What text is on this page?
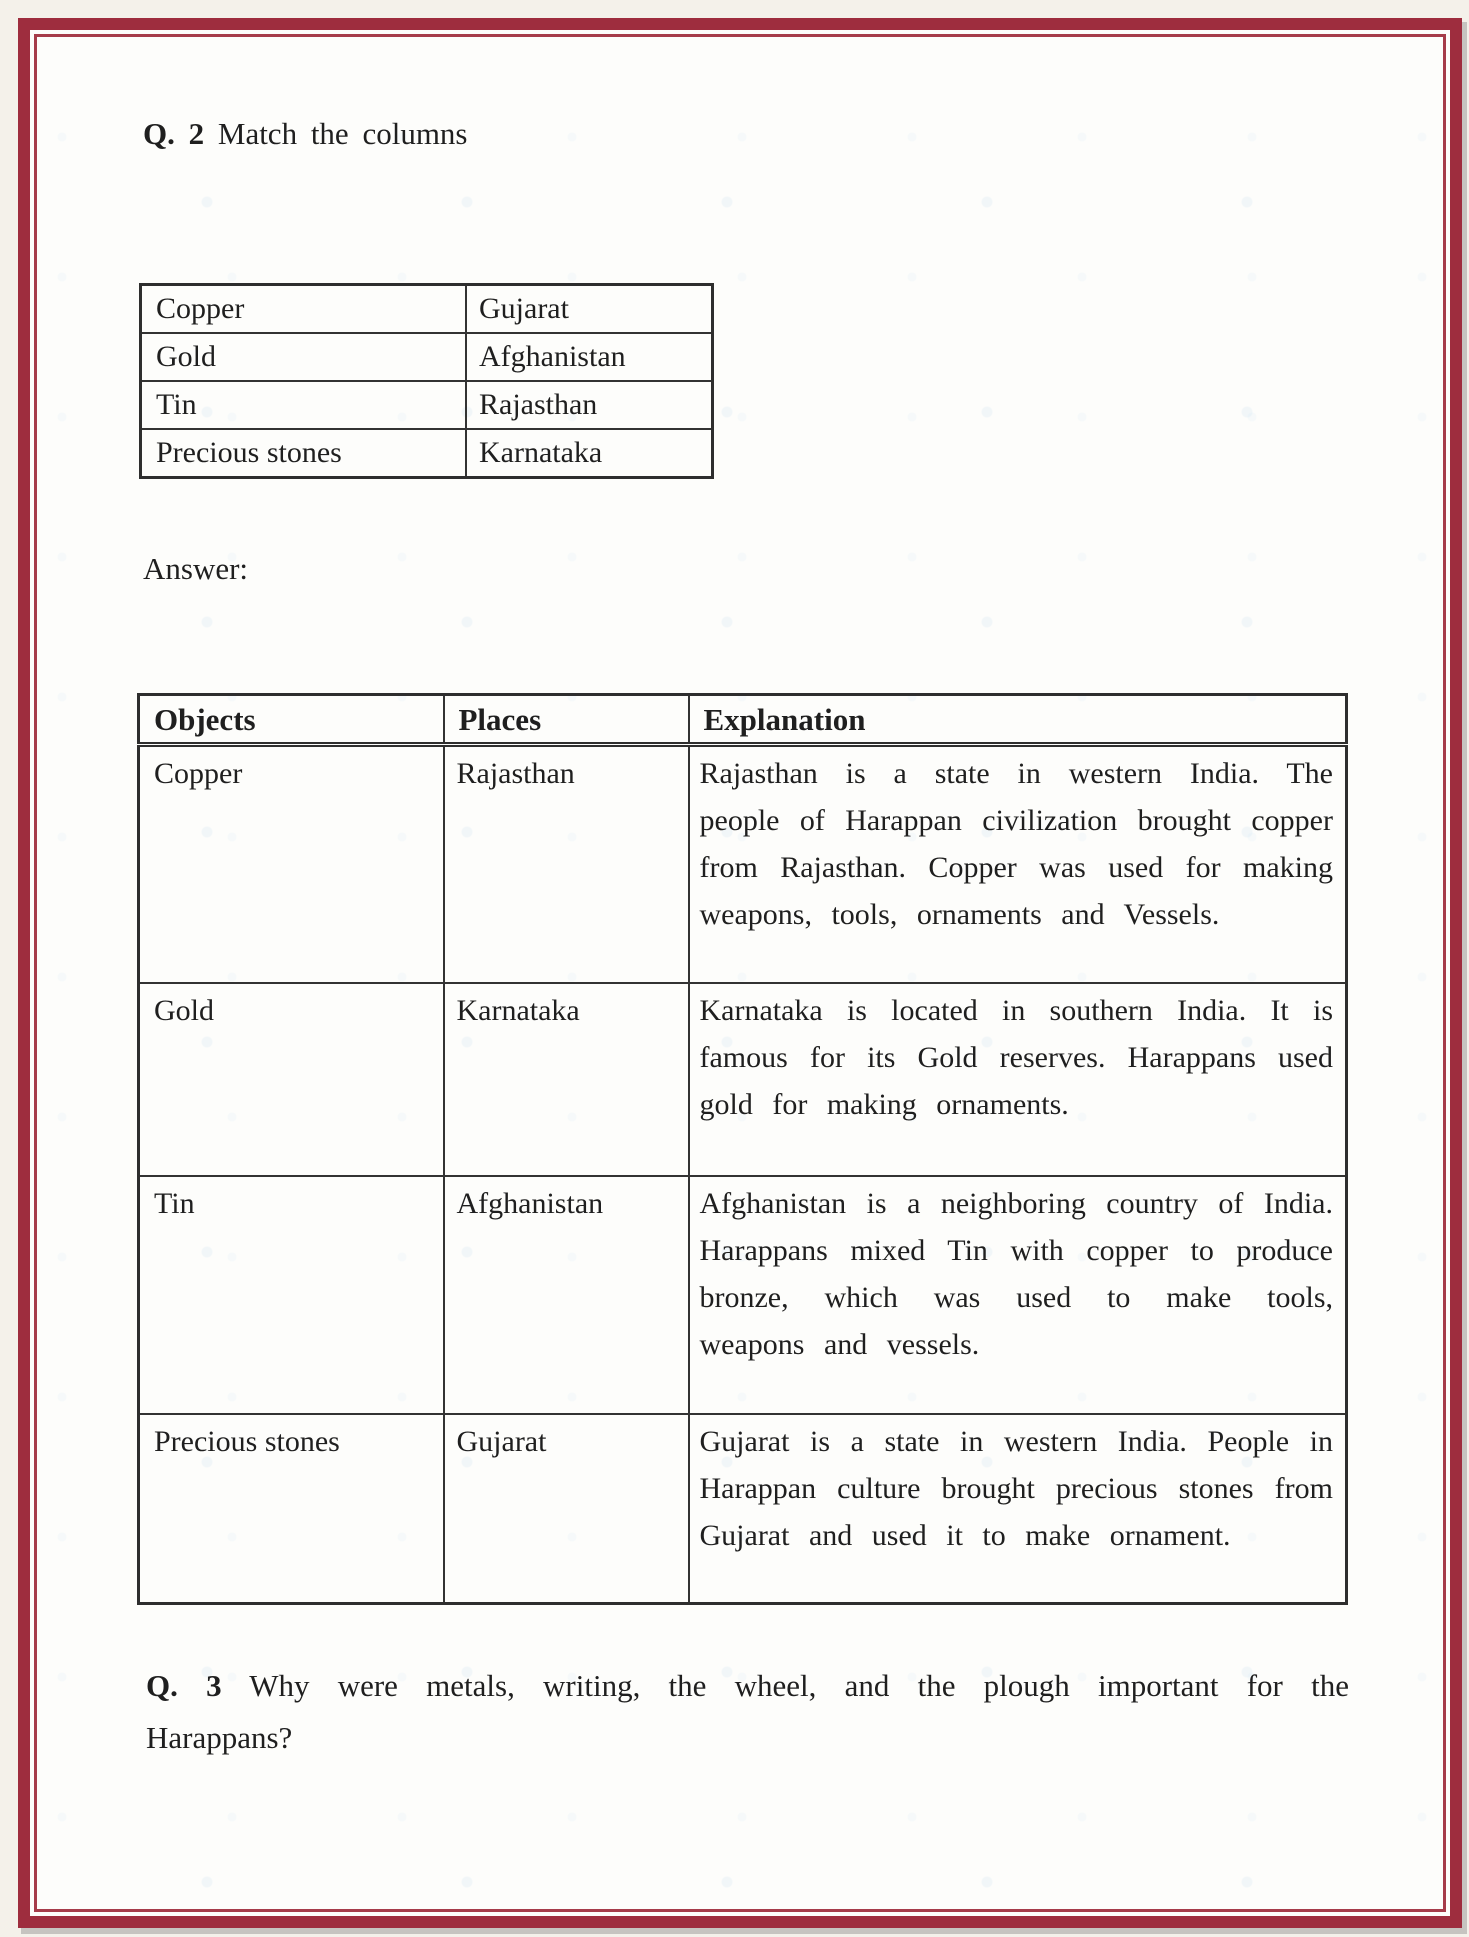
Q. 2 Match the columns
Copper	Gujarat
Gold	Afghanistan
Tin	Rajasthan
Precious stones	Karnataka
Answer:
Objects	Places	Explanation
Copper	Rajasthan	Rajasthan is a state in western India. The people of Harappan civilization brought copper from Rajasthan. Copper was used for making weapons, tools, ornaments and Vessels.
Gold	Karnataka	Karnataka is located in southern India. It is famous for its Gold reserves. Harappans used gold for making ornaments.
Tin	Afghanistan	Afghanistan is a neighboring country of India. Harappans mixed Tin with copper to produce bronze, which was used to make tools, weapons and vessels.
Precious stones	Gujarat	Gujarat is a state in western India. People in Harappan culture brought precious stones from Gujarat and used it to make ornament.
Q. 3 Why were metals, writing, the wheel, and the plough important for the Harappans?
